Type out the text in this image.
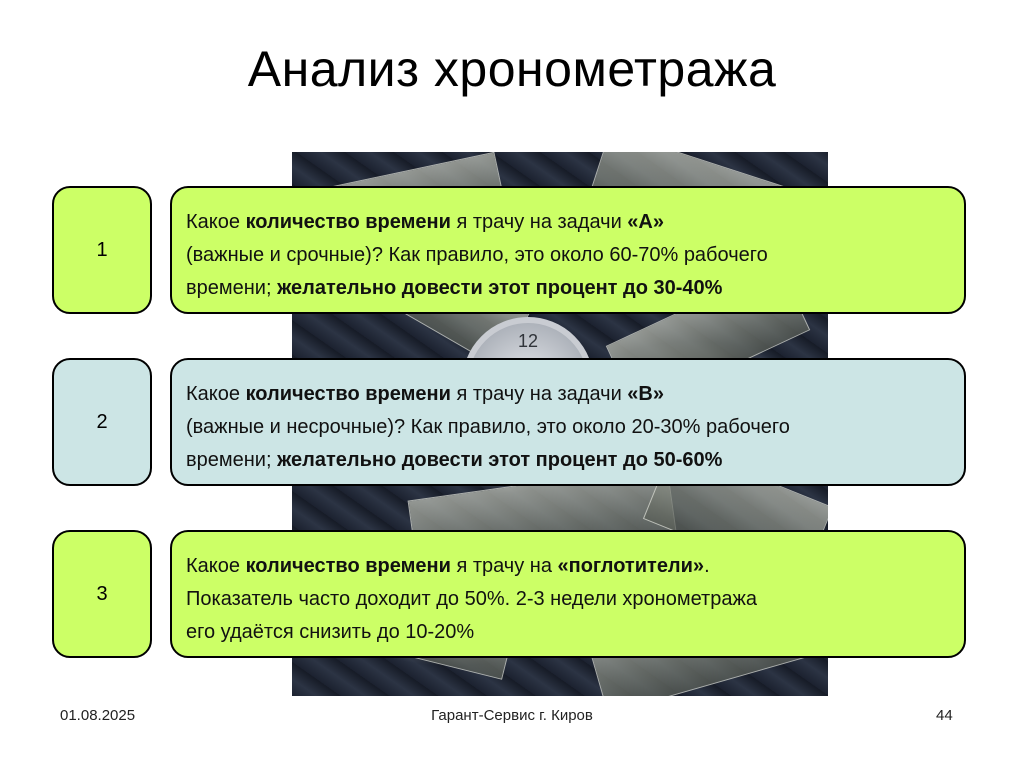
Анализ хронометража
12
1
Какое количество времени я трачу на задачи «А»
(важные и срочные)? Как правило, это около 60-70% рабочего
времени; желательно довести этот процент до 30-40%
2
Какое количество времени я трачу на задачи «В»
(важные и несрочные)? Как правило, это около 20-30% рабочего
времени; желательно довести этот процент до 50-60%
3
Какое количество времени я трачу на «поглотители».
Показатель часто доходит до 50%. 2-3 недели хронометража
его удаётся снизить до 10-20%
01.08.2025	Гарант-Сервис г. Киров	44
